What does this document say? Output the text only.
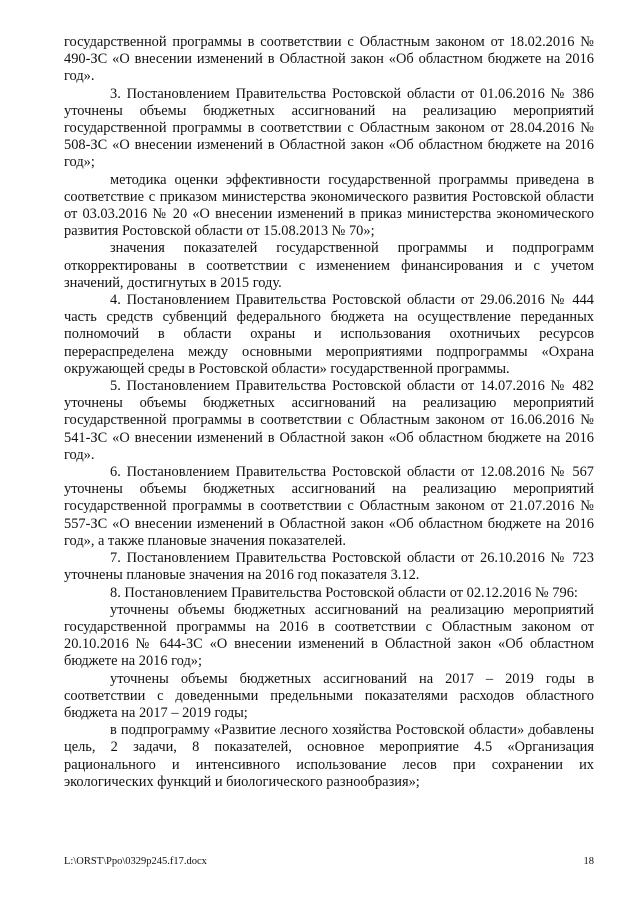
государственной программы в соответствии с Областным законом от 18.02.2016 № 490-ЗС «О внесении изменений в Областной закон «Об областном бюджете на 2016 год».

3. Постановлением Правительства Ростовской области от 01.06.2016 № 386 уточнены объемы бюджетных ассигнований на реализацию мероприятий государственной программы в соответствии с Областным законом от 28.04.2016 № 508-ЗС «О внесении изменений в Областной закон «Об областном бюджете на 2016 год»;

методика оценки эффективности государственной программы приведена в соответствие с приказом министерства экономического развития Ростовской области от 03.03.2016 № 20 «О внесении изменений в приказ министерства экономического развития Ростовской области от 15.08.2013 № 70»;

значения показателей государственной программы и подпрограмм откорректированы в соответствии с изменением финансирования и с учетом значений, достигнутых в 2015 году.

4. Постановлением Правительства Ростовской области от 29.06.2016 № 444 часть средств субвенций федерального бюджета на осуществление переданных полномочий в области охраны и использования охотничьих ресурсов перераспределена между основными мероприятиями подпрограммы «Охрана окружающей среды в Ростовской области» государственной программы.

5. Постановлением Правительства Ростовской области от 14.07.2016 № 482 уточнены объемы бюджетных ассигнований на реализацию мероприятий государственной программы в соответствии с Областным законом от 16.06.2016 № 541-ЗС «О внесении изменений в Областной закон «Об областном бюджете на 2016 год».

6. Постановлением Правительства Ростовской области от 12.08.2016 № 567 уточнены объемы бюджетных ассигнований на реализацию мероприятий государственной программы в соответствии с Областным законом от 21.07.2016 № 557-ЗС «О внесении изменений в Областной закон «Об областном бюджете на 2016 год», а также плановые значения показателей.

7. Постановлением Правительства Ростовской области от 26.10.2016 № 723 уточнены плановые значения на 2016 год показателя 3.12.

8. Постановлением Правительства Ростовской области от 02.12.2016 № 796:

уточнены объемы бюджетных ассигнований на реализацию мероприятий государственной программы на 2016 в соответствии с Областным законом от 20.10.2016 № 644-ЗС «О внесении изменений в Областной закон «Об областном бюджете на 2016 год»;

уточнены объемы бюджетных ассигнований на 2017 – 2019 годы в соответствии с доведенными предельными показателями расходов областного бюджета на 2017 – 2019 годы;

в подпрограмму «Развитие лесного хозяйства Ростовской области» добавлены цель, 2 задачи, 8 показателей, основное мероприятие 4.5 «Организация рационального и интенсивного использование лесов при сохранении их экологических функций и биологического разнообразия»;

L:\ORST\Ppo\0329p245.f17.docx	18
